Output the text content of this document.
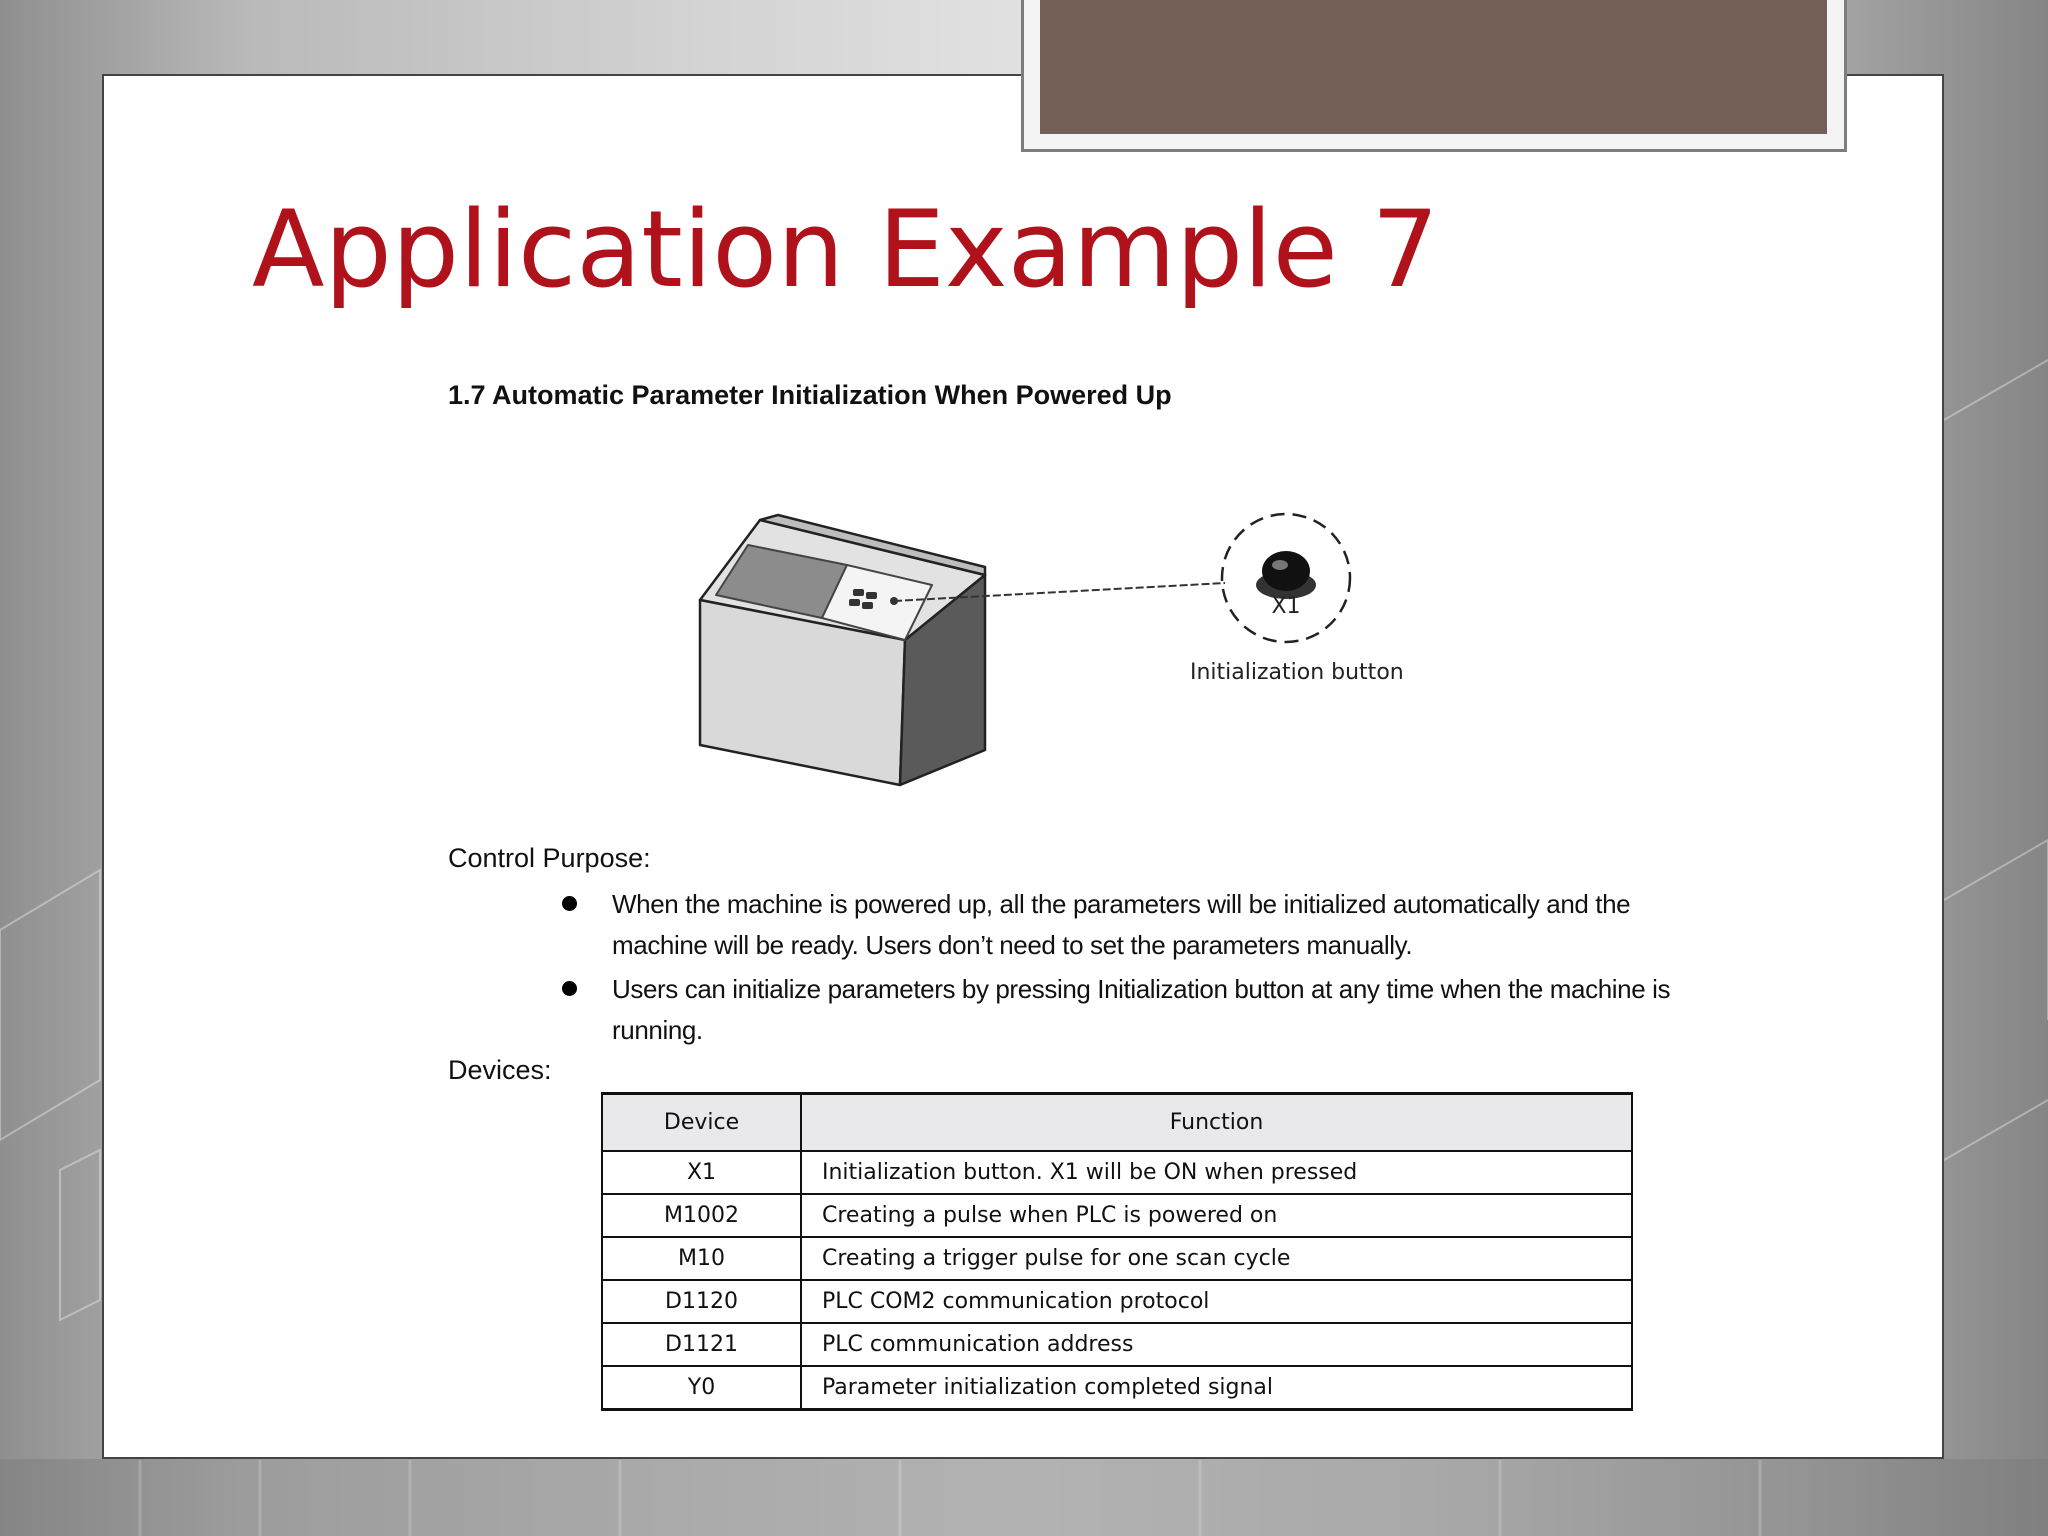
Application Example 7
1.7 Automatic Parameter Initialization When Powered Up
X1
Initialization button
Control Purpose:
When the machine is powered up, all the parameters will be initialized automatically and the machine will be ready. Users don’t need to set the parameters manually.
Users can initialize parameters by pressing Initialization button at any time when the machine is running.
Devices:
Device	Function
X1	Initialization button. X1 will be ON when pressed
M1002	Creating a pulse when PLC is powered on
M10	Creating a trigger pulse for one scan cycle
D1120	PLC COM2 communication protocol
D1121	PLC communication address
Y0	Parameter initialization completed signal
